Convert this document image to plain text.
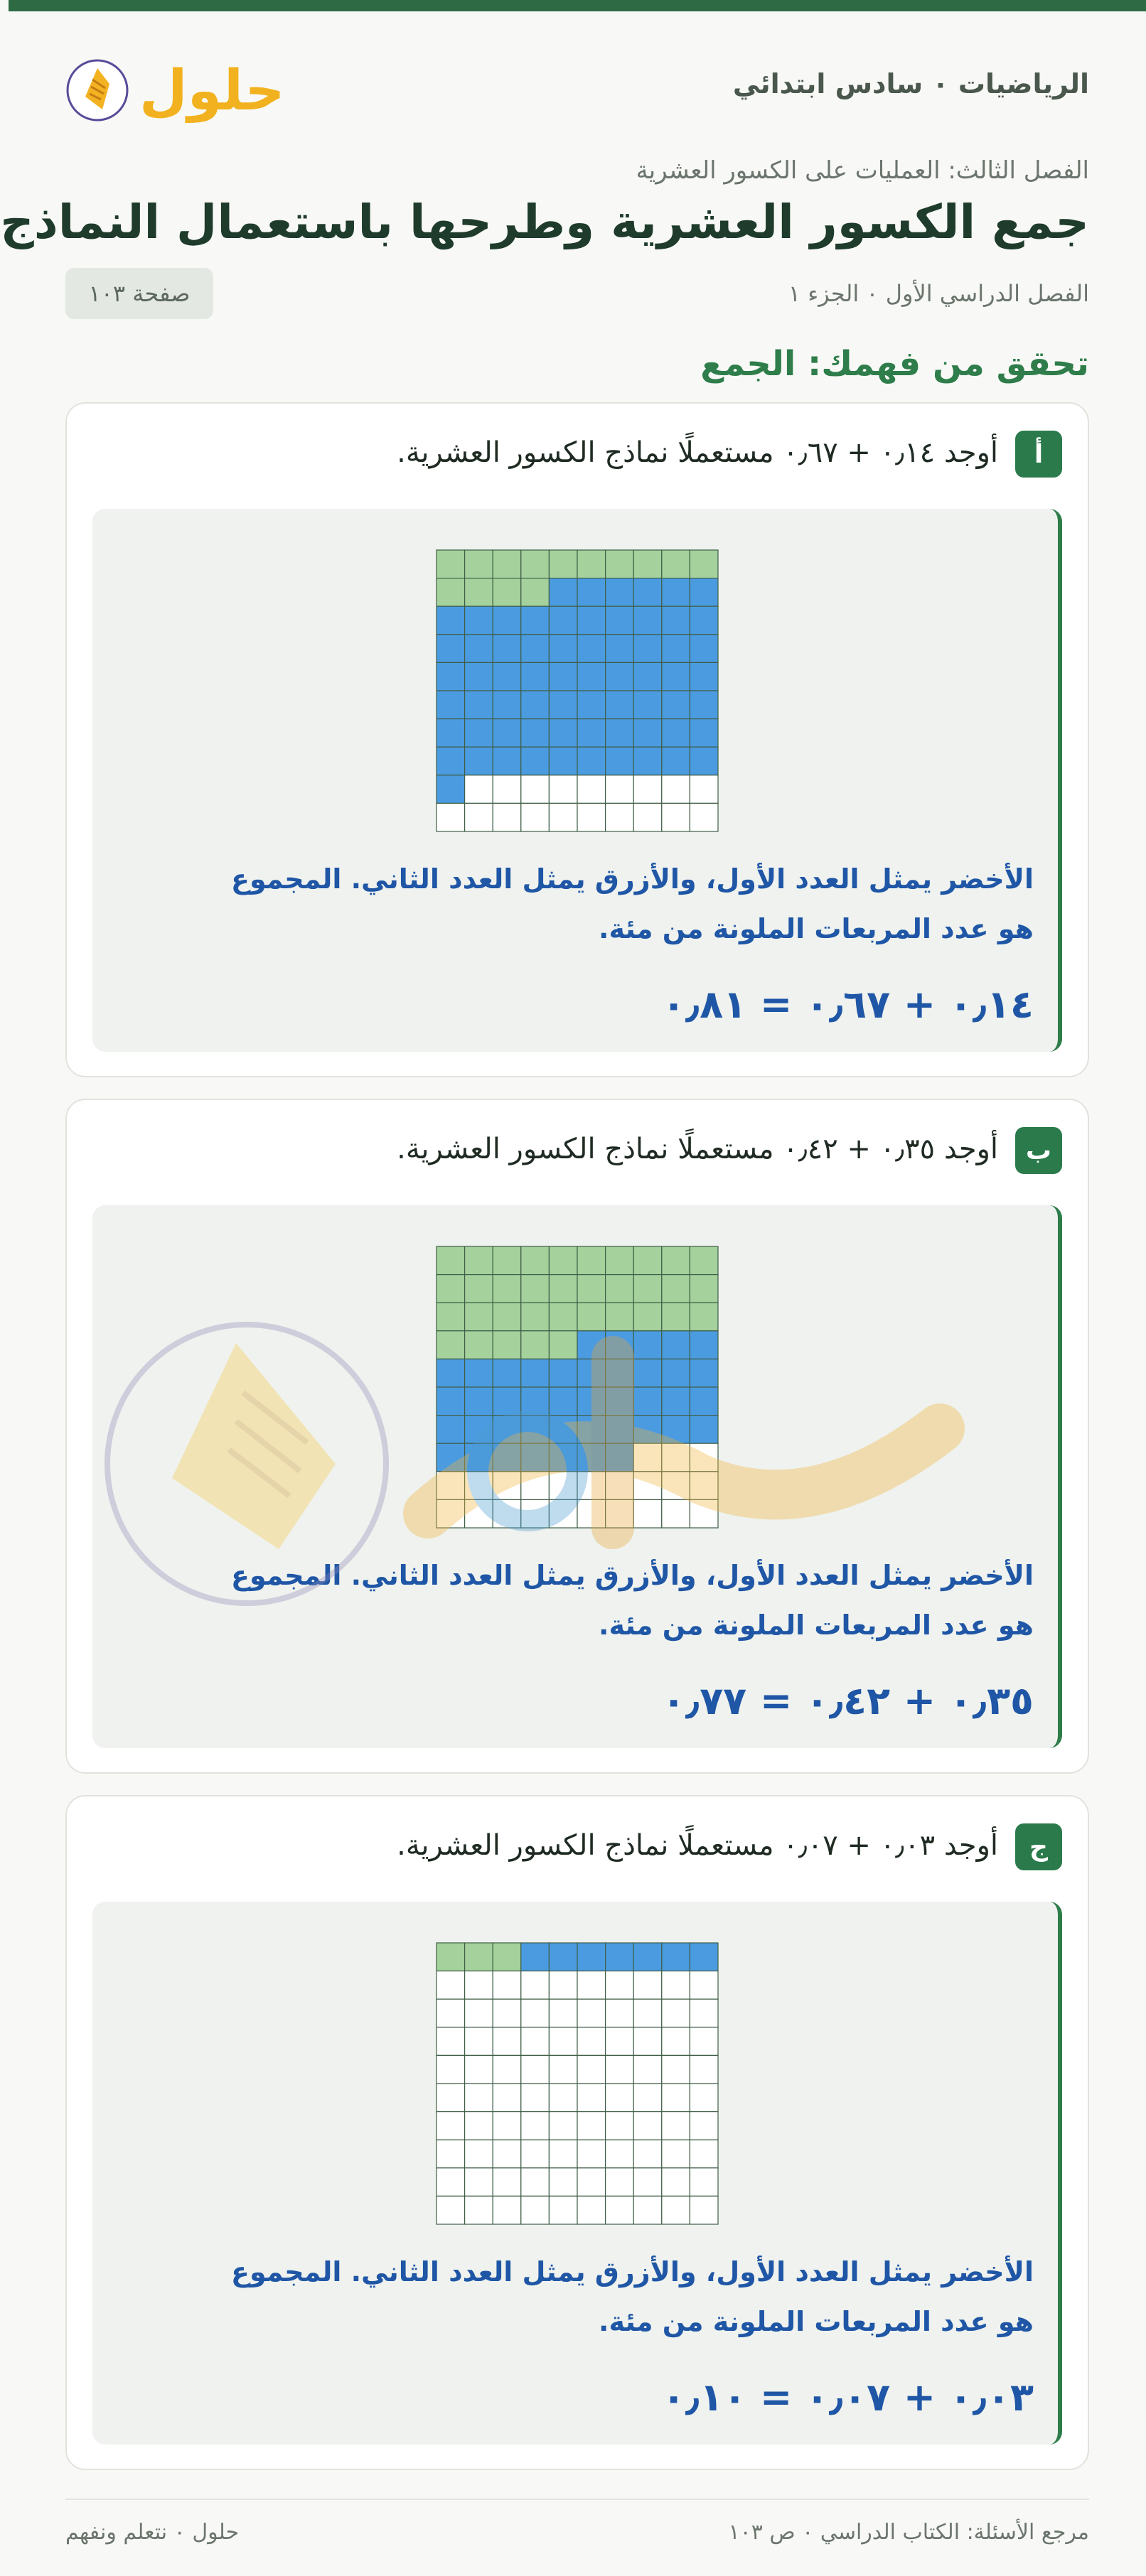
حلول	الرياضيات ٠ سادس ابتدائي
الفصل الثالث: العمليات على الكسور العشرية
جمع الكسور العشرية وطرحها باستعمال النماذج
الفصل الدراسي الأول ٠ الجزء ١
صفحة ١٠٣
تحقق من فهمك: الجمع
أ
أوجد ٠٫١٤ + ٠٫٦٧ مستعملًا نماذج الكسور العشرية.
الأخضر يمثل العدد الأول، والأزرق يمثل العدد الثاني. المجموع هو عدد المربعات الملونة من مئة.
٠٫١٤ + ٠٫٦٧ = ٠٫٨١
ب
أوجد ٠٫٣٥ + ٠٫٤٢ مستعملًا نماذج الكسور العشرية.
الأخضر يمثل العدد الأول، والأزرق يمثل العدد الثاني. المجموع هو عدد المربعات الملونة من مئة.
٠٫٣٥ + ٠٫٤٢ = ٠٫٧٧
ج
أوجد ٠٫٠٣ + ٠٫٠٧ مستعملًا نماذج الكسور العشرية.
الأخضر يمثل العدد الأول، والأزرق يمثل العدد الثاني. المجموع هو عدد المربعات الملونة من مئة.
٠٫٠٣ + ٠٫٠٧ = ٠٫١٠
مرجع الأسئلة: الكتاب الدراسي ٠ ص ١٠٣
حلول ٠ نتعلم ونفهم
